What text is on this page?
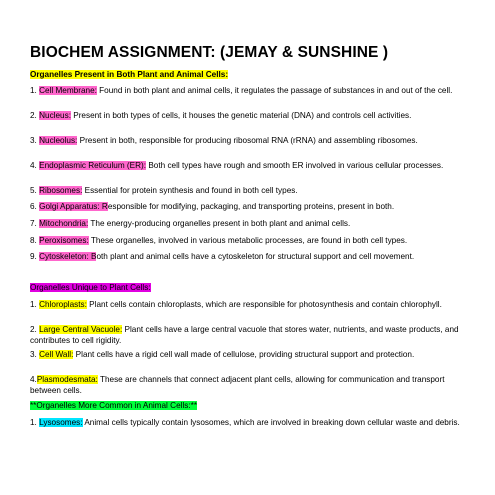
BIOCHEM ASSIGNMENT: (JEMAY & SUNSHINE )
Organelles Present in Both Plant and Animal Cells:
1. Cell Membrane: Found in both plant and animal cells, it regulates the passage of substances in and out of the cell.
2. Nucleus: Present in both types of cells, it houses the genetic material (DNA) and controls cell activities.
3. Nucleolus: Present in both, responsible for producing ribosomal RNA (rRNA) and assembling ribosomes.
4. Endoplasmic Reticulum (ER): Both cell types have rough and smooth ER involved in various cellular processes.
5. Ribosomes: Essential for protein synthesis and found in both cell types.
6. Golgi Apparatus: Responsible for modifying, packaging, and transporting proteins, present in both.
7. Mitochondria: The energy-producing organelles present in both plant and animal cells.
8. Peroxisomes: These organelles, involved in various metabolic processes, are found in both cell types.
9. Cytoskeleton: Both plant and animal cells have a cytoskeleton for structural support and cell movement.
Organelles Unique to Plant Cells:
1. Chloroplasts: Plant cells contain chloroplasts, which are responsible for photosynthesis and contain chlorophyll.
2. Large Central Vacuole: Plant cells have a large central vacuole that stores water, nutrients, and waste products, and contributes to cell rigidity.
3. Cell Wall: Plant cells have a rigid cell wall made of cellulose, providing structural support and protection.
4.Plasmodesmata: These are channels that connect adjacent plant cells, allowing for communication and transport between cells.
**Organelles More Common in Animal Cells:**
1. Lysosomes: Animal cells typically contain lysosomes, which are involved in breaking down cellular waste and debris.
